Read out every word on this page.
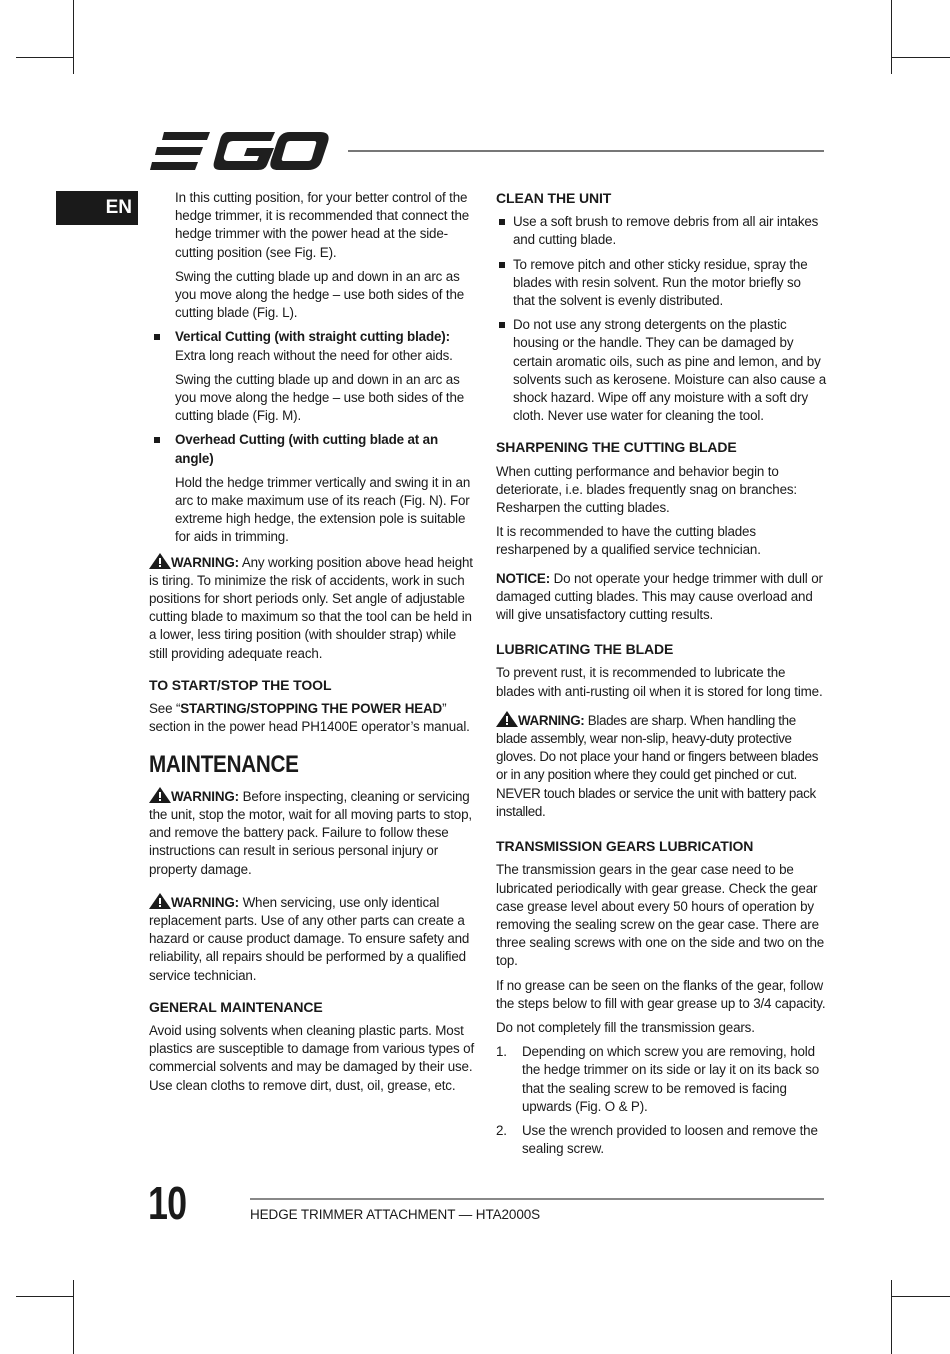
EN	In this cutting position, for your better control of the hedge trimmer, it is recommended that connect the hedge trimmer with the power head at the side-cutting position (see Fig. E).

Swing the cutting blade up and down in an arc as you move along the hedge – use both sides of the cutting blade (Fig. L).

Vertical Cutting (with straight cutting blade):
Extra long reach without the need for other aids.

Swing the cutting blade up and down in an arc as you move along the hedge – use both sides of the cutting blade (Fig. M).

Overhead Cutting (with cutting blade at an angle)

Hold the hedge trimmer vertically and swing it in an arc to make maximum use of its reach (Fig. N). For extreme high hedge, the extension pole is suitable for aids in trimming.

WARNING: Any working position above head height is tiring. To minimize the risk of accidents, work in such positions for short periods only. Set angle of adjustable cutting blade to maximum so that the tool can be held in a lower, less tiring position (with shoulder strap) while still providing adequate reach.

TO START/STOP THE TOOL

See “STARTING/STOPPING THE POWER HEAD” section in the power head PH1400E operator’s manual.

MAINTENANCE

WARNING: Before inspecting, cleaning or servicing the unit, stop the motor, wait for all moving parts to stop, and remove the battery pack. Failure to follow these instructions can result in serious personal injury or property damage.

WARNING: When servicing, use only identical replacement parts. Use of any other parts can create a hazard or cause product damage. To ensure safety and reliability, all repairs should be performed by a qualified service technician.

GENERAL MAINTENANCE

Avoid using solvents when cleaning plastic parts. Most plastics are susceptible to damage from various types of commercial solvents and may be damaged by their use. Use clean cloths to remove dirt, dust, oil, grease, etc.

CLEAN THE UNIT
Use a soft brush to remove debris from all air intakes and cutting blade.
To remove pitch and other sticky residue, spray the blades with resin solvent. Run the motor briefly so that the solvent is evenly distributed.
Do not use any strong detergents on the plastic housing or the handle. They can be damaged by certain aromatic oils, such as pine and lemon, and by solvents such as kerosene. Moisture can also cause a shock hazard. Wipe off any moisture with a soft dry cloth. Never use water for cleaning the tool.
SHARPENING THE CUTTING BLADE

When cutting performance and behavior begin to deteriorate, i.e. blades frequently snag on branches: Resharpen the cutting blades.

It is recommended to have the cutting blades resharpened by a qualified service technician.

NOTICE: Do not operate your hedge trimmer with dull or damaged cutting blades. This may cause overload and will give unsatisfactory cutting results.

LUBRICATING THE BLADE

To prevent rust, it is recommended to lubricate the blades with anti-rusting oil when it is stored for long time.

WARNING: Blades are sharp. When handling the blade assembly, wear non-slip, heavy-duty protective gloves. Do not place your hand or fingers between blades or in any position where they could get pinched or cut. NEVER touch blades or service the unit with battery pack installed.

TRANSMISSION GEARS LUBRICATION

The transmission gears in the gear case need to be lubricated periodically with gear grease. Check the gear case grease level about every 50 hours of operation by removing the sealing screw on the gear case. There are three sealing screws with one on the side and two on the top.

If no grease can be seen on the flanks of the gear, follow the steps below to fill with gear grease up to 3/4 capacity.

Do not completely fill the transmission gears.

1. Depending on which screw you are removing, hold the hedge trimmer on its side or lay it on its back so that the sealing screw to be removed is facing upwards (Fig. O & P).
2. Use the wrench provided to loosen and remove the sealing screw.
10	HEDGE TRIMMER ATTACHMENT — HTA2000S
